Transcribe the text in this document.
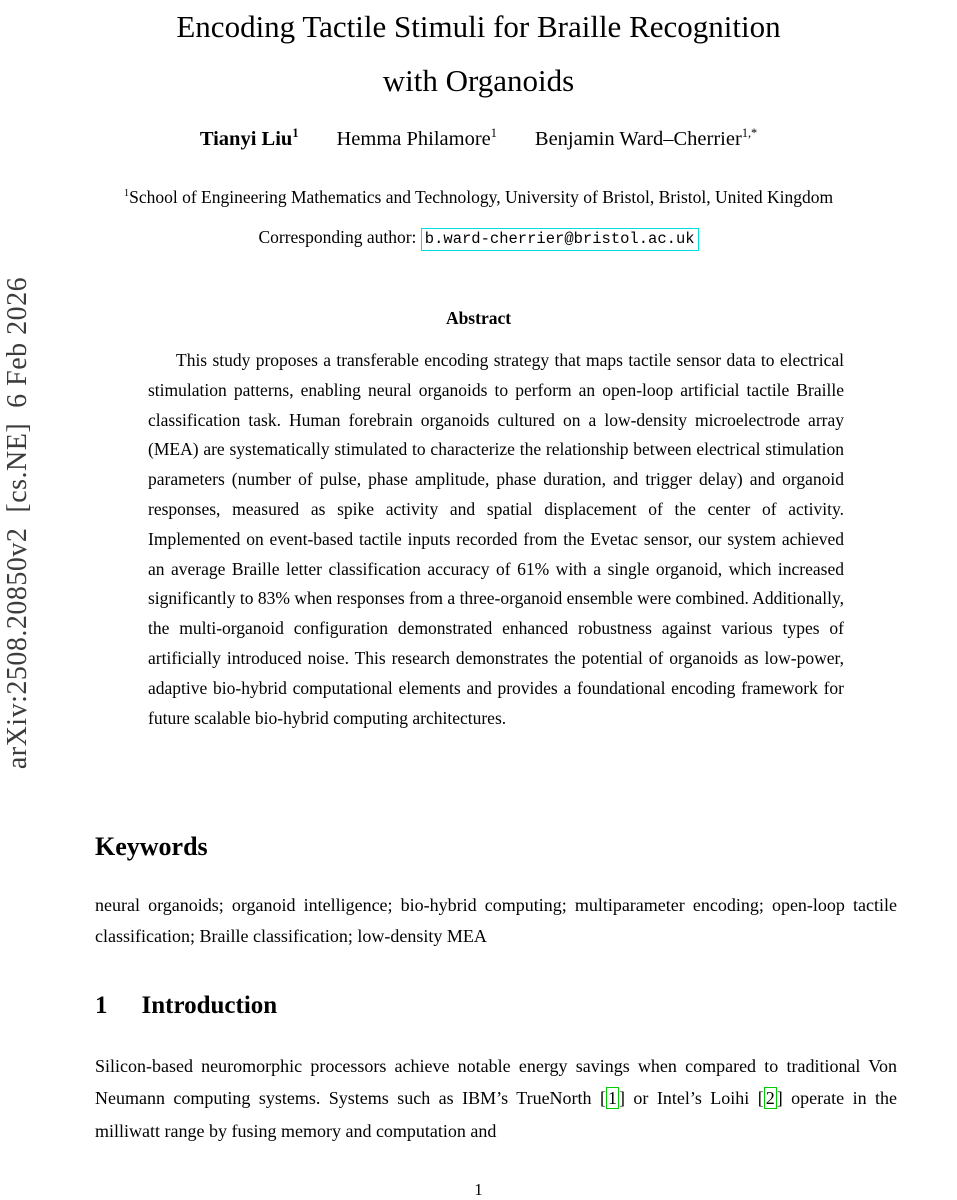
arXiv:2508.20850v2  [cs.NE]  6 Feb 2026
Encoding Tactile Stimuli for Braille Recognition
with Organoids
Tianyi Liu$^1$ Hemma Philamore$^1$ Benjamin Ward–Cherrier$^{1,*}$
$^1$School of Engineering Mathematics and Technology, University of Bristol, Bristol, United Kingdom
Corresponding author: b.ward-cherrier@bristol.ac.uk
Abstract

This study proposes a transferable encoding strategy that maps tactile sensor data to electrical stimulation patterns, enabling neural organoids to perform an open-loop artificial tactile Braille classification task. Human forebrain organoids cultured on a low-density microelectrode array (MEA) are systematically stimulated to characterize the relationship between electrical stimulation parameters (number of pulse, phase amplitude, phase duration, and trigger delay) and organoid responses, measured as spike activity and spatial displacement of the center of activity. Implemented on event-based tactile inputs recorded from the Evetac sensor, our system achieved an average Braille letter classification accuracy of 61% with a single organoid, which increased significantly to 83% when responses from a three-organoid ensemble were combined. Additionally, the multi-organoid configuration demonstrated enhanced robustness against various types of artificially introduced noise. This research demonstrates the potential of organoids as low-power, adaptive bio-hybrid computational elements and provides a foundational encoding framework for future scalable bio-hybrid computing architectures.

Keywords

neural organoids; organoid intelligence; bio-hybrid computing; multiparameter encoding; open-loop tactile classification; Braille classification; low-density MEA

1 Introduction

Silicon-based neuromorphic processors achieve notable energy savings when compared to traditional Von Neumann computing systems. Systems such as IBM’s TrueNorth [ 1 ] or Intel’s Loihi [ 2 ] operate in the milliwatt range by fusing memory and computation and

1
